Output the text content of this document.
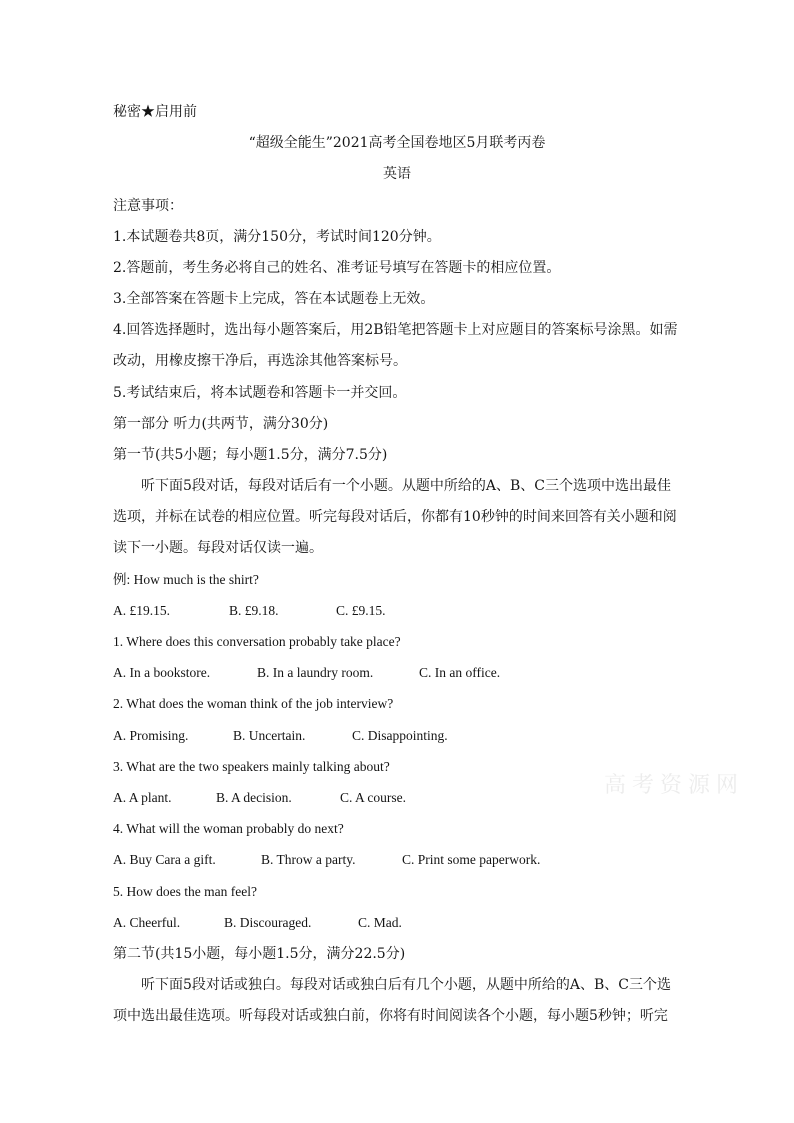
秘密★启用前
“超级全能生”2021高考全国卷地区5月联考丙卷
英语
注意事项：
1.本试题卷共8页，满分150分，考试时间120分钟。
2.答题前，考生务必将自己的姓名、准考证号填写在答题卡的相应位置。
3.全部答案在答题卡上完成，答在本试题卷上无效。
4.回答选择题时，选出每小题答案后，用2B铅笔把答题卡上对应题目的答案标号涂黑。如需
改动，用橡皮擦干净后，再选涂其他答案标号。
5.考试结束后，将本试题卷和答题卡一并交回。
第一部分 听力(共两节，满分30分)
第一节(共5小题；每小题1.5分，满分7.5分)
听下面5段对话，每段对话后有一个小题。从题中所给的A、B、C三个选项中选出最佳
选项，并标在试卷的相应位置。听完每段对话后，你都有10秒钟的时间来回答有关小题和阅
读下一小题。每段对话仅读一遍。
例: How much is the shirt?
A. £19.15.	B. £9.18.	C. £9.15.
1. Where does this conversation probably take place?
A. In a bookstore.	B. In a laundry room.	C. In an office.
2. What does the woman think of the job interview?
A. Promising.	B. Uncertain.	C. Disappointing.
3. What are the two speakers mainly talking about?
A. A plant.	B. A decision.	C. A course.
4. What will the woman probably do next?
A. Buy Cara a gift.	B. Throw a party.	C. Print some paperwork.
5. How does the man feel?
A. Cheerful.	B. Discouraged.	C. Mad.
第二节(共15小题，每小题1.5分，满分22.5分)
听下面5段对话或独白。每段对话或独白后有几个小题，从题中所给的A、B、C三个选
项中选出最佳选项。听每段对话或独白前，你将有时间阅读各个小题，每小题5秒钟；听完
高考资源网
